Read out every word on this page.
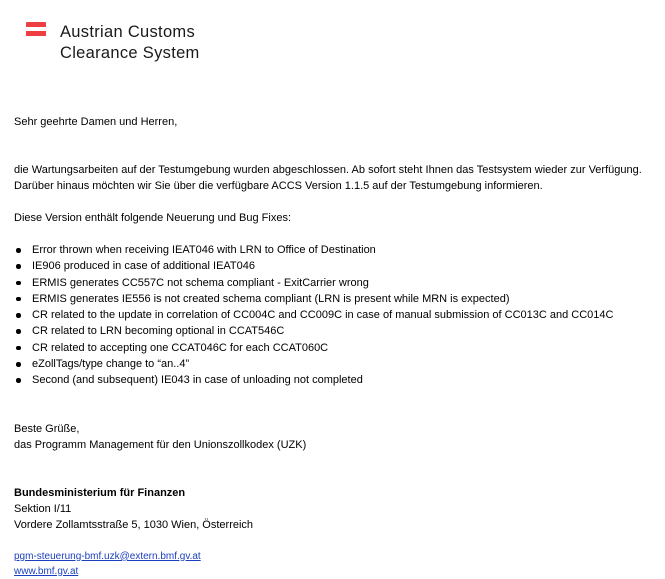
Austrian Customs
Clearance System

Sehr geehrte Damen und Herren,

die Wartungsarbeiten auf der Testumgebung wurden abgeschlossen. Ab sofort steht Ihnen das Testsystem wieder zur Verfügung.

Darüber hinaus möchten wir Sie über die verfügbare ACCS Version 1.1.5 auf der Testumgebung informieren.

Diese Version enthält folgende Neuerung und Bug Fixes:

Error thrown when receiving IEAT046 with LRN to Office of Destination
IE906 produced in case of additional IEAT046
ERMIS generates CC557C not schema compliant - ExitCarrier wrong
ERMIS generates IE556 is not created schema compliant (LRN is present while MRN is expected)
CR related to the update in correlation of CC004C and CC009C in case of manual submission of CC013C and CC014C
CR related to LRN becoming optional in CCAT546C
CR related to accepting one CCAT046C for each CCAT060C
eZollTags/type change to “an..4”
Second (and subsequent) IE043 in case of unloading not completed

Beste Grüße,

das Programm Management für den Unionszollkodex (UZK)

Bundesministerium für Finanzen

Sektion I/11

Vordere Zollamtsstraße 5, 1030 Wien, Österreich

pgm-steuerung-bmf.uzk@extern.bmf.gv.at
www.bmf.gv.at
